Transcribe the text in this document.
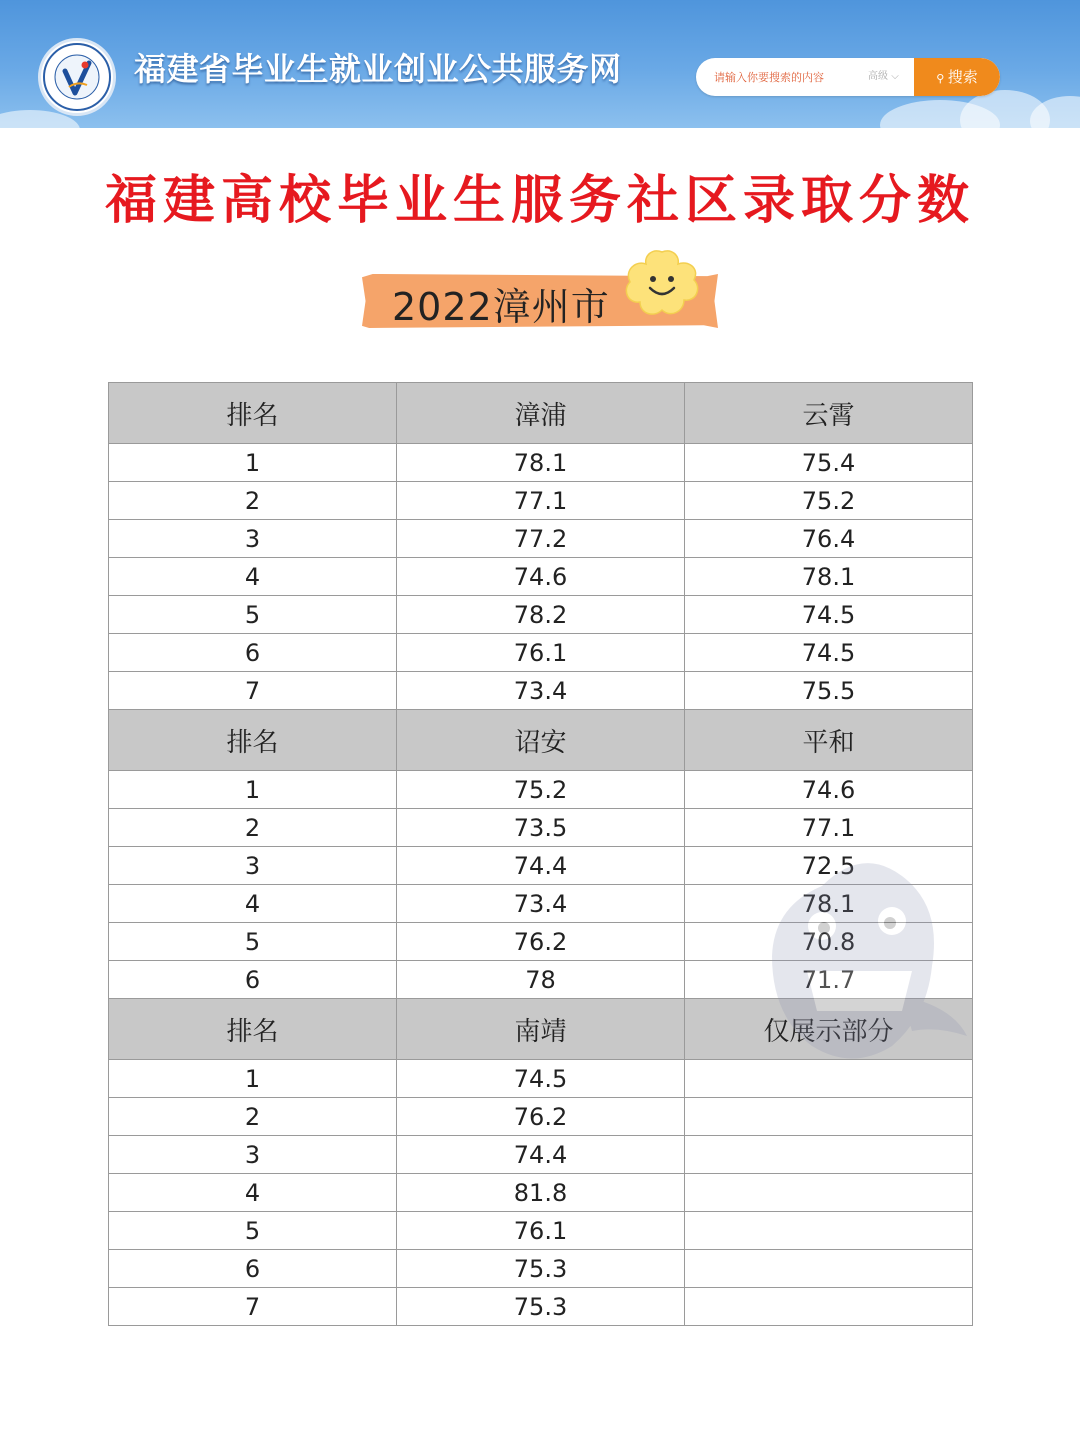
福建省毕业生就业创业公共服务网
请输入你要搜索的内容	高级 ⌵	⚲ 搜索
福建高校毕业生服务社区录取分数
2022漳州市
排名	漳浦	云霄
1	78.1	75.4
2	77.1	75.2
3	77.2	76.4
4	74.6	78.1
5	78.2	74.5
6	76.1	74.5
7	73.4	75.5
排名	诏安	平和
1	75.2	74.6
2	73.5	77.1
3	74.4	72.5
4	73.4	78.1
5	76.2	70.8
6	78	71.7
排名	南靖	仅展示部分
1	74.5	
2	76.2	
3	74.4	
4	81.8	
5	76.1	
6	75.3	
7	75.3	
